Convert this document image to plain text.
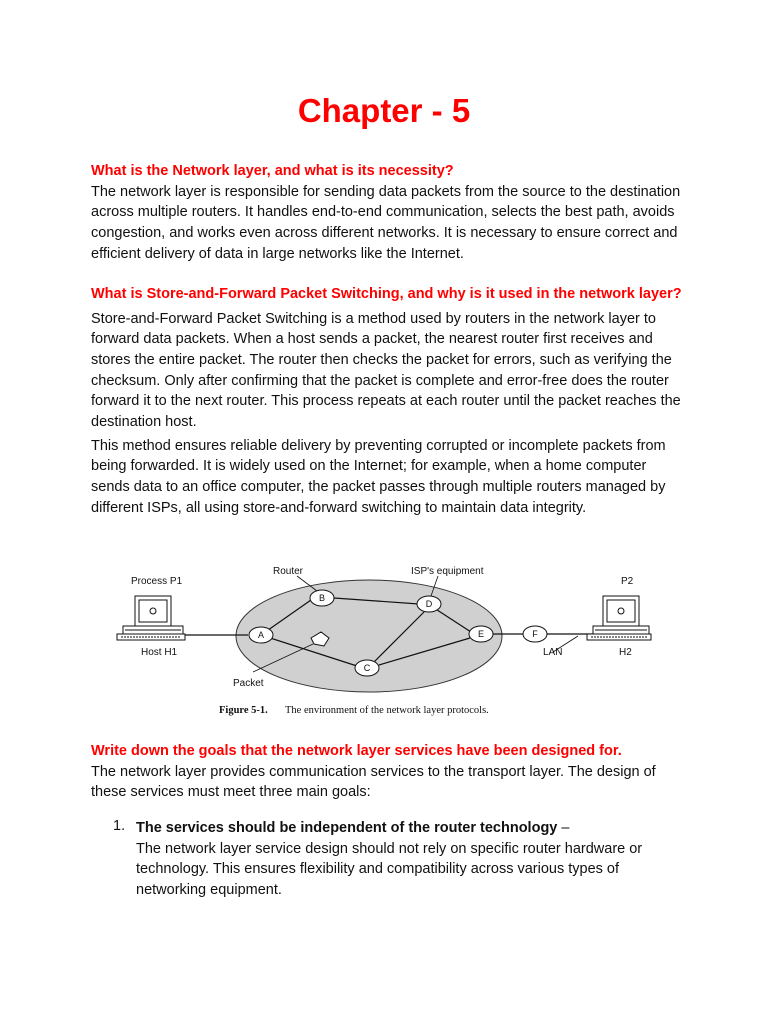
Chapter - 5

What is the Network layer, and what is its necessity?

The network layer is responsible for sending data packets from the source to the destination across multiple routers. It handles end-to-end communication, selects the best path, avoids congestion, and works even across different networks. It is necessary to ensure correct and efficient delivery of data in large networks like the Internet.

What is Store-and-Forward Packet Switching, and why is it used in the network layer?

Store-and-Forward Packet Switching is a method used by routers in the network layer to forward data packets. When a host sends a packet, the nearest router first receives and stores the entire packet. The router then checks the packet for errors, such as verifying the checksum. Only after confirming that the packet is complete and error-free does the router forward it to the next router. This process repeats at each router until the packet reaches the destination host.

This method ensures reliable delivery by preventing corrupted or incomplete packets from being forwarded. It is widely used on the Internet; for example, when a home computer sends data to an office computer, the packet passes through multiple routers managed by different ISPs, all using store-and-forward switching to maintain data integrity.

A
B
C
D
E	F
Router	ISP's equipment
Process P1	P2
Host H1	H2
LAN
Packet
Figure 5-1. The environment of the network layer protocols.

Write down the goals that the network layer services have been designed for.

The network layer provides communication services to the transport layer. The design of these services must meet three main goals:

1. The services should be independent of the router technology –
The network layer service design should not rely on specific router hardware or technology. This ensures flexibility and compatibility across various types of networking equipment.
